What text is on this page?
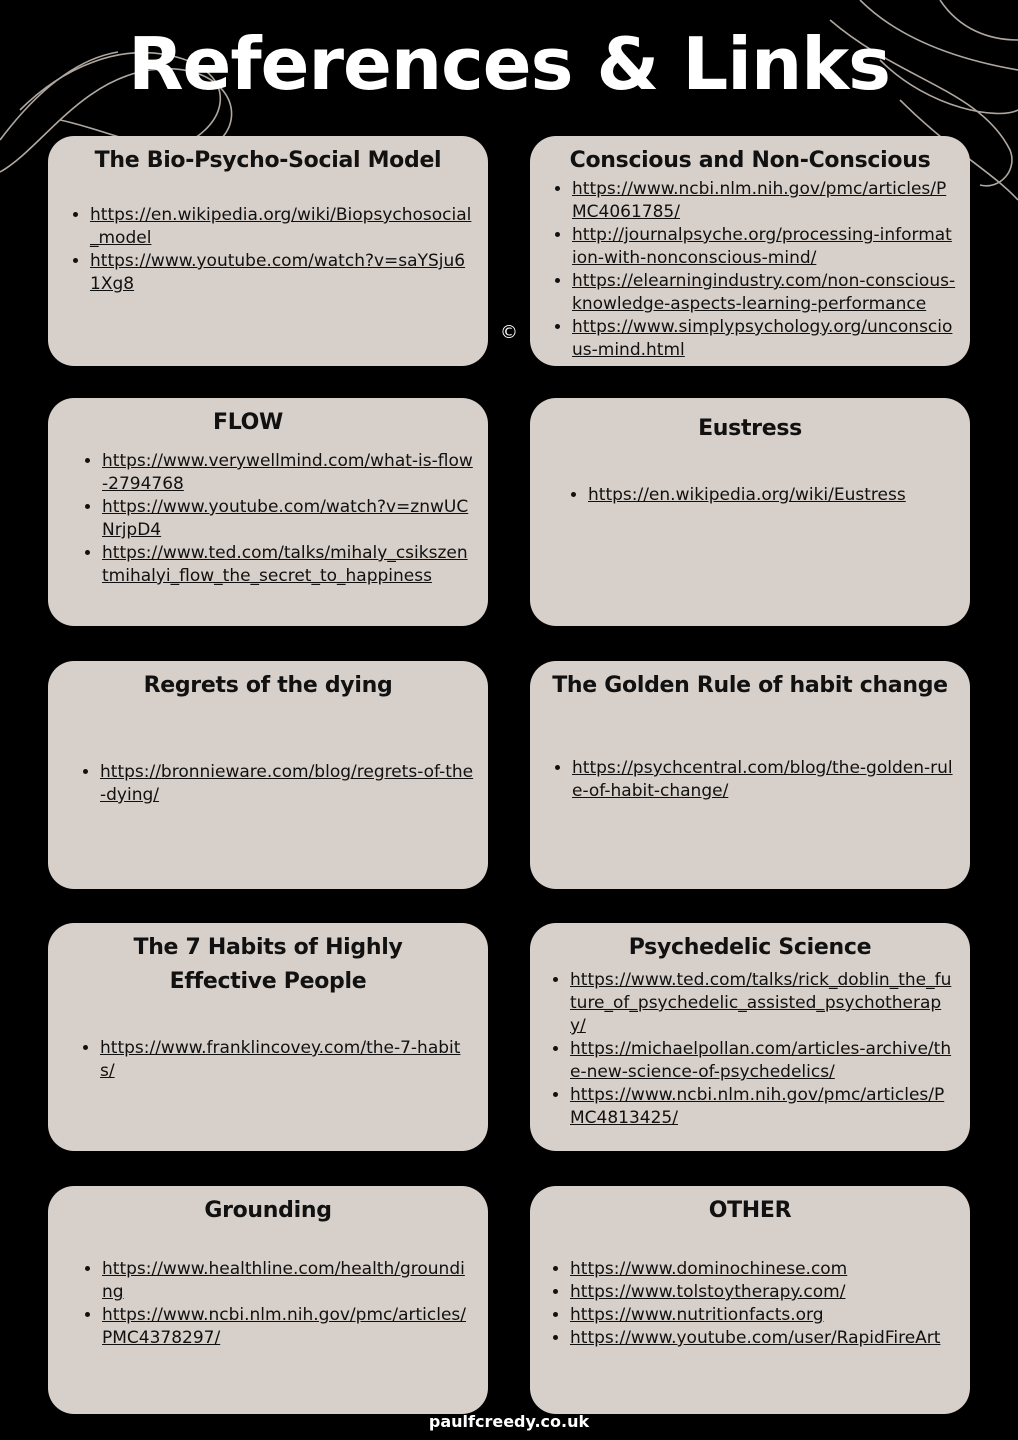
References & Links
©
The Bio-Psycho-Social Model
• https://en.wikipedia.org/wiki/Biopsychosocial_model
• https://www.youtube.com/watch?v=saYSju61Xg8
Conscious and Non-Conscious
• https://www.ncbi.nlm.nih.gov/pmc/articles/PMC4061785/
• http://journalpsyche.org/processing-information-with-nonconscious-mind/
• https://elearningindustry.com/non-conscious-knowledge-aspects-learning-performance
• https://www.simplypsychology.org/unconscious-mind.html
FLOW
• https://www.verywellmind.com/what-is-flow-2794768
• https://www.youtube.com/watch?v=znwUCNrjpD4
• https://www.ted.com/talks/mihaly_csikszentmihalyi_flow_the_secret_to_happiness
Eustress
• https://en.wikipedia.org/wiki/Eustress
Regrets of the dying
• https://bronnieware.com/blog/regrets-of-the-dying/
The Golden Rule of habit change
• https://psychcentral.com/blog/the-golden-rule-of-habit-change/
The 7 Habits of Highly Effective People
• https://www.franklincovey.com/the-7-habits/
Psychedelic Science
• https://www.ted.com/talks/rick_doblin_the_future_of_psychedelic_assisted_psychotherapy/
• https://michaelpollan.com/articles-archive/the-new-science-of-psychedelics/
• https://www.ncbi.nlm.nih.gov/pmc/articles/PMC4813425/
Grounding
• https://www.healthline.com/health/grounding
• https://www.ncbi.nlm.nih.gov/pmc/articles/PMC4378297/
OTHER
• https://www.dominochinese.com
• https://www.tolstoytherapy.com/
• https://www.nutritionfacts.org
• https://www.youtube.com/user/RapidFireArt
paulfcreedy.co.uk
